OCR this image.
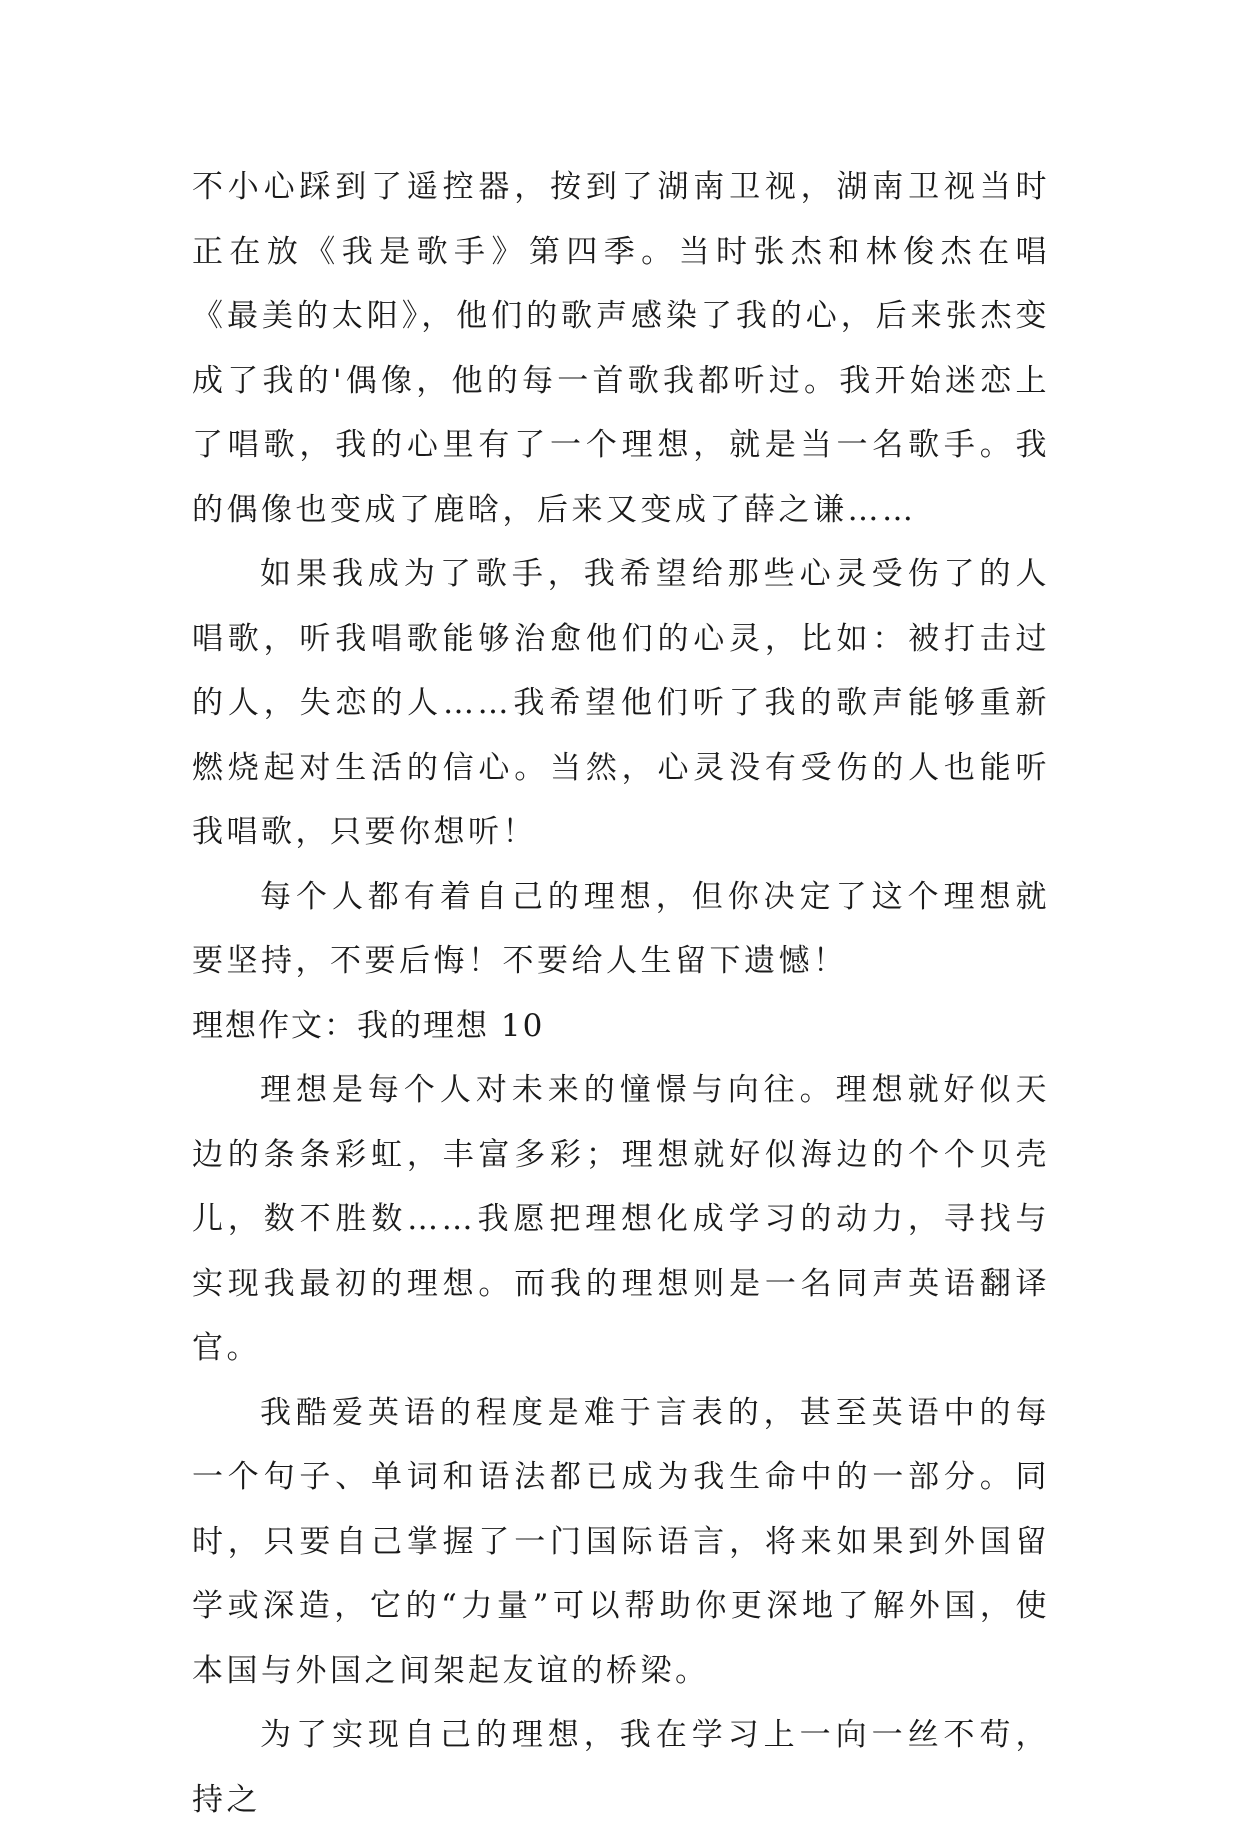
不小心踩到了遥控器，按到了湖南卫视，湖南卫视当时正在放《我是歌手》第四季。当时张杰和林俊杰在唱《最美的太阳》，他们的歌声感染了我的心，后来张杰变成了我的'偶像，他的每一首歌我都听过。我开始迷恋上了唱歌，我的心里有了一个理想，就是当一名歌手。我的偶像也变成了鹿晗，后来又变成了薛之谦……

如果我成为了歌手，我希望给那些心灵受伤了的人唱歌，听我唱歌能够治愈他们的心灵，比如：被打击过的人，失恋的人……我希望他们听了我的歌声能够重新燃烧起对生活的信心。当然，心灵没有受伤的人也能听我唱歌，只要你想听！

每个人都有着自己的理想，但你决定了这个理想就要坚持，不要后悔！不要给人生留下遗憾！

理想作文：我的理想 10

理想是每个人对未来的憧憬与向往。理想就好似天边的条条彩虹，丰富多彩；理想就好似海边的个个贝壳儿，数不胜数……我愿把理想化成学习的动力，寻找与实现我最初的理想。而我的理想则是一名同声英语翻译官。

我酷爱英语的程度是难于言表的，甚至英语中的每一个句子、单词和语法都已成为我生命中的一部分。同时，只要自己掌握了一门国际语言，将来如果到外国留学或深造，它的“力量”可以帮助你更深地了解外国，使本国与外国之间架起友谊的桥梁。

为了实现自己的理想，我在学习上一向一丝不苟，持之
